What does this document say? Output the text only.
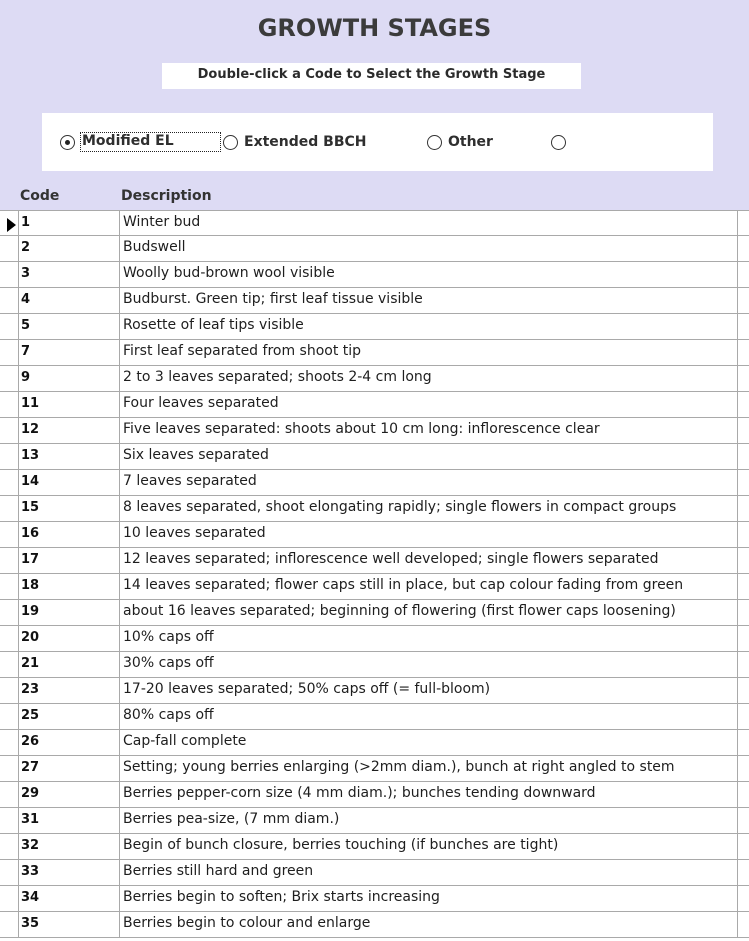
GROWTH STAGES
Double-click a Code to Select the Growth Stage
Modified EL	Extended BBCH	Other
Code	Description
1	Winter bud
2	Budswell
3	Woolly bud-brown wool visible
4	Budburst. Green tip; first leaf tissue visible
5	Rosette of leaf tips visible
7	First leaf separated from shoot tip
9	2 to 3 leaves separated; shoots 2-4 cm long
11	Four leaves separated
12	Five leaves separated: shoots about 10 cm long: inflorescence clear
13	Six leaves separated
14	7 leaves separated
15	8 leaves separated, shoot elongating rapidly; single flowers in compact groups
16	10 leaves separated
17	12 leaves separated; inflorescence well developed; single flowers separated
18	14 leaves separated; flower caps still in place, but cap colour fading from green
19	about 16 leaves separated; beginning of flowering (first flower caps loosening)
20	10% caps off
21	30% caps off
23	17-20 leaves separated; 50% caps off (= full-bloom)
25	80% caps off
26	Cap-fall complete
27	Setting; young berries enlarging (>2mm diam.), bunch at right angled to stem
29	Berries pepper-corn size (4 mm diam.); bunches tending downward
31	Berries pea-size, (7 mm diam.)
32	Begin of bunch closure, berries touching (if bunches are tight)
33	Berries still hard and green
34	Berries begin to soften; Brix starts increasing
35	Berries begin to colour and enlarge
